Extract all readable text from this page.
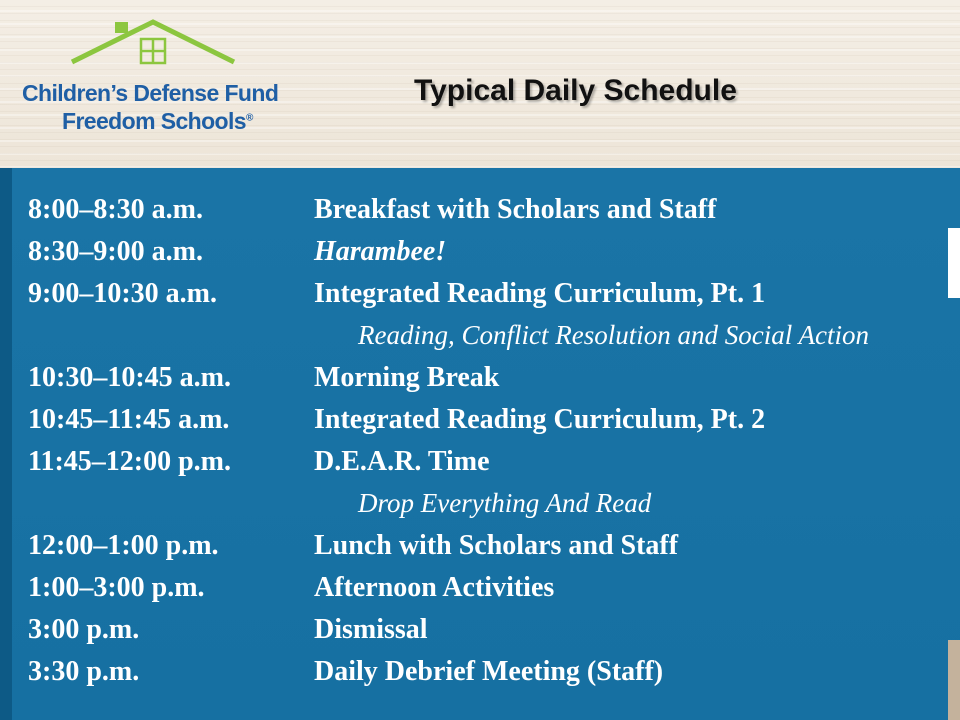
Children’s Defense Fund
Freedom Schools®
Typical Daily Schedule
8:00–8:30 a.m.	Breakfast with Scholars and Staff
8:30–9:00 a.m.	Harambee!
9:00–10:30 a.m.	Integrated Reading Curriculum, Pt. 1
Reading, Conflict Resolution and Social Action
10:30–10:45 a.m.	Morning Break
10:45–11:45 a.m.	Integrated Reading Curriculum, Pt. 2
11:45–12:00 p.m.	D.E.A.R. Time
Drop Everything And Read
12:00–1:00 p.m.	Lunch with Scholars and Staff
1:00–3:00 p.m.	Afternoon Activities
3:00 p.m.	Dismissal
3:30 p.m.	Daily Debrief Meeting (Staff)
